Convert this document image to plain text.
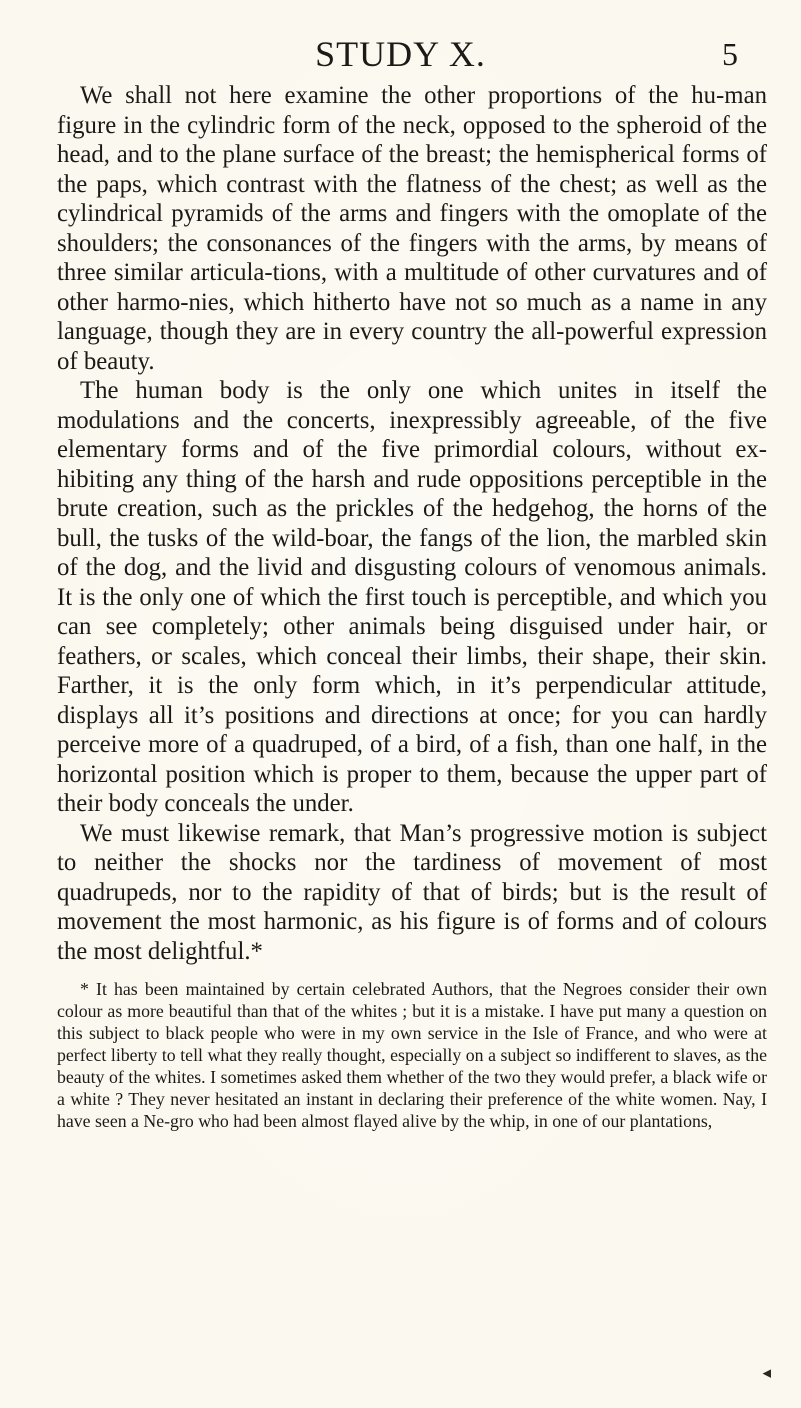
STUDY X.	5

We shall not here examine the other proportions of the hu-man figure in the cylindric form of the neck, opposed to the spheroid of the head, and to the plane surface of the breast; the hemispherical forms of the paps, which contrast with the flatness of the chest; as well as the cylindrical pyramids of the arms and fingers with the omoplate of the shoulders; the consonances of the fingers with the arms, by means of three similar articula-tions, with a multitude of other curvatures and of other harmo-nies, which hitherto have not so much as a name in any language, though they are in every country the all-powerful expression of beauty.

The human body is the only one which unites in itself the modulations and the concerts, inexpressibly agreeable, of the five elementary forms and of the five primordial colours, without ex-hibiting any thing of the harsh and rude oppositions perceptible in the brute creation, such as the prickles of the hedgehog, the horns of the bull, the tusks of the wild-boar, the fangs of the lion, the marbled skin of the dog, and the livid and disgusting colours of venomous animals. It is the only one of which the first touch is perceptible, and which you can see completely; other animals being disguised under hair, or feathers, or scales, which conceal their limbs, their shape, their skin. Farther, it is the only form which, in it’s perpendicular attitude, displays all it’s positions and directions at once; for you can hardly perceive more of a quadruped, of a bird, of a fish, than one half, in the horizontal position which is proper to them, because the upper part of their body conceals the under.

We must likewise remark, that Man’s progressive motion is subject to neither the shocks nor the tardiness of movement of most quadrupeds, nor to the rapidity of that of birds; but is the result of movement the most harmonic, as his figure is of forms and of colours the most delightful.*

* It has been maintained by certain celebrated Authors, that the Negroes consider their own colour as more beautiful than that of the whites ; but it is a mistake. I have put many a question on this subject to black people who were in my own service in the Isle of France, and who were at perfect liberty to tell what they really thought, especially on a subject so indifferent to slaves, as the beauty of the whites. I sometimes asked them whether of the two they would prefer, a black wife or a white ? They never hesitated an instant in declaring their preference of the white women. Nay, I have seen a Ne-gro who had been almost flayed alive by the whip, in one of our plantations,
◂
